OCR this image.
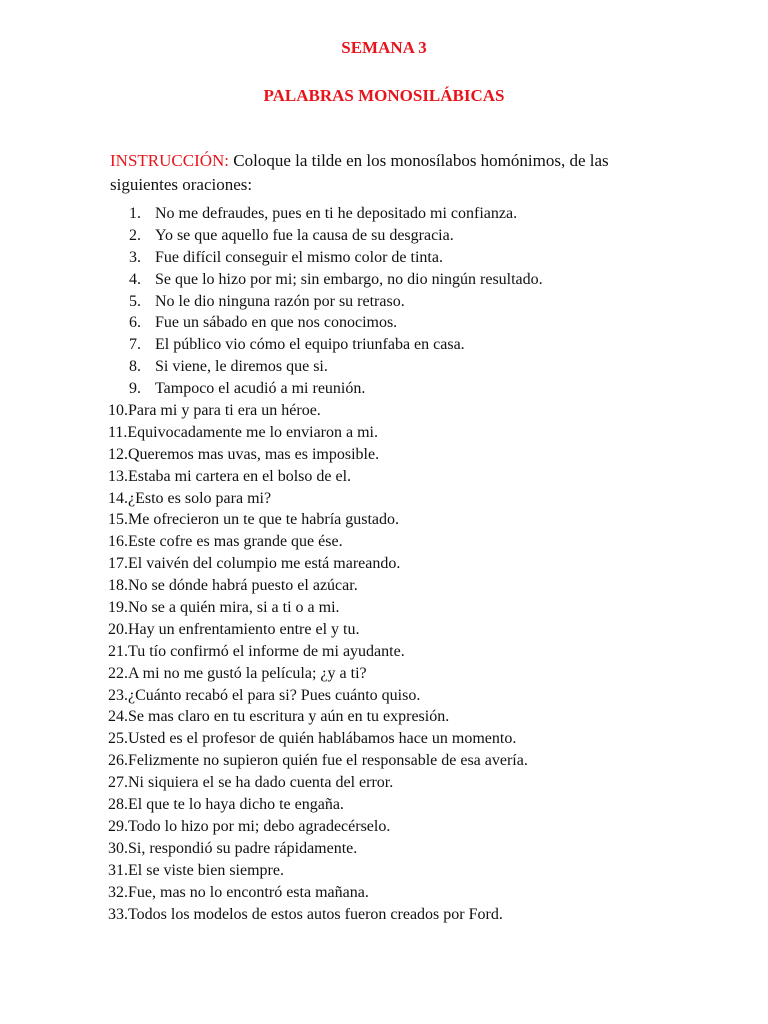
SEMANA 3
PALABRAS MONOSILÁBICAS

INSTRUCCIÓN: Coloque la tilde en los monosílabos homónimos, de las siguientes oraciones:

1. No me defraudes, pues en ti he depositado mi confianza.
2. Yo se que aquello fue la causa de su desgracia.
3. Fue difícil conseguir el mismo color de tinta.
4. Se que lo hizo por mi; sin embargo, no dio ningún resultado.
5. No le dio ninguna razón por su retraso.
6. Fue un sábado en que nos conocimos.
7. El público vio cómo el equipo triunfaba en casa.
8. Si viene, le diremos que si.
9. Tampoco el acudió a mi reunión.
10. Para mi y para ti era un héroe.
11. Equivocadamente me lo enviaron a mi.
12. Queremos mas uvas, mas es imposible.
13. Estaba mi cartera en el bolso de el.
14. ¿Esto es solo para mi?
15. Me ofrecieron un te que te habría gustado.
16. Este cofre es mas grande que ése.
17. El vaivén del columpio me está mareando.
18. No se dónde habrá puesto el azúcar.
19. No se a quién mira, si a ti o a mi.
20. Hay un enfrentamiento entre el y tu.
21. Tu tío confirmó el informe de mi ayudante.
22. A mi no me gustó la película; ¿y a ti?
23. ¿Cuánto recabó el para si? Pues cuánto quiso.
24. Se mas claro en tu escritura y aún en tu expresión.
25. Usted es el profesor de quién hablábamos hace un momento.
26. Felizmente no supieron quién fue el responsable de esa avería.
27. Ni siquiera el se ha dado cuenta del error.
28. El que te lo haya dicho te engaña.
29. Todo lo hizo por mi; debo agradecérselo.
30. Si, respondió su padre rápidamente.
31. El se viste bien siempre.
32. Fue, mas no lo encontró esta mañana.
33. Todos los modelos de estos autos fueron creados por Ford.
